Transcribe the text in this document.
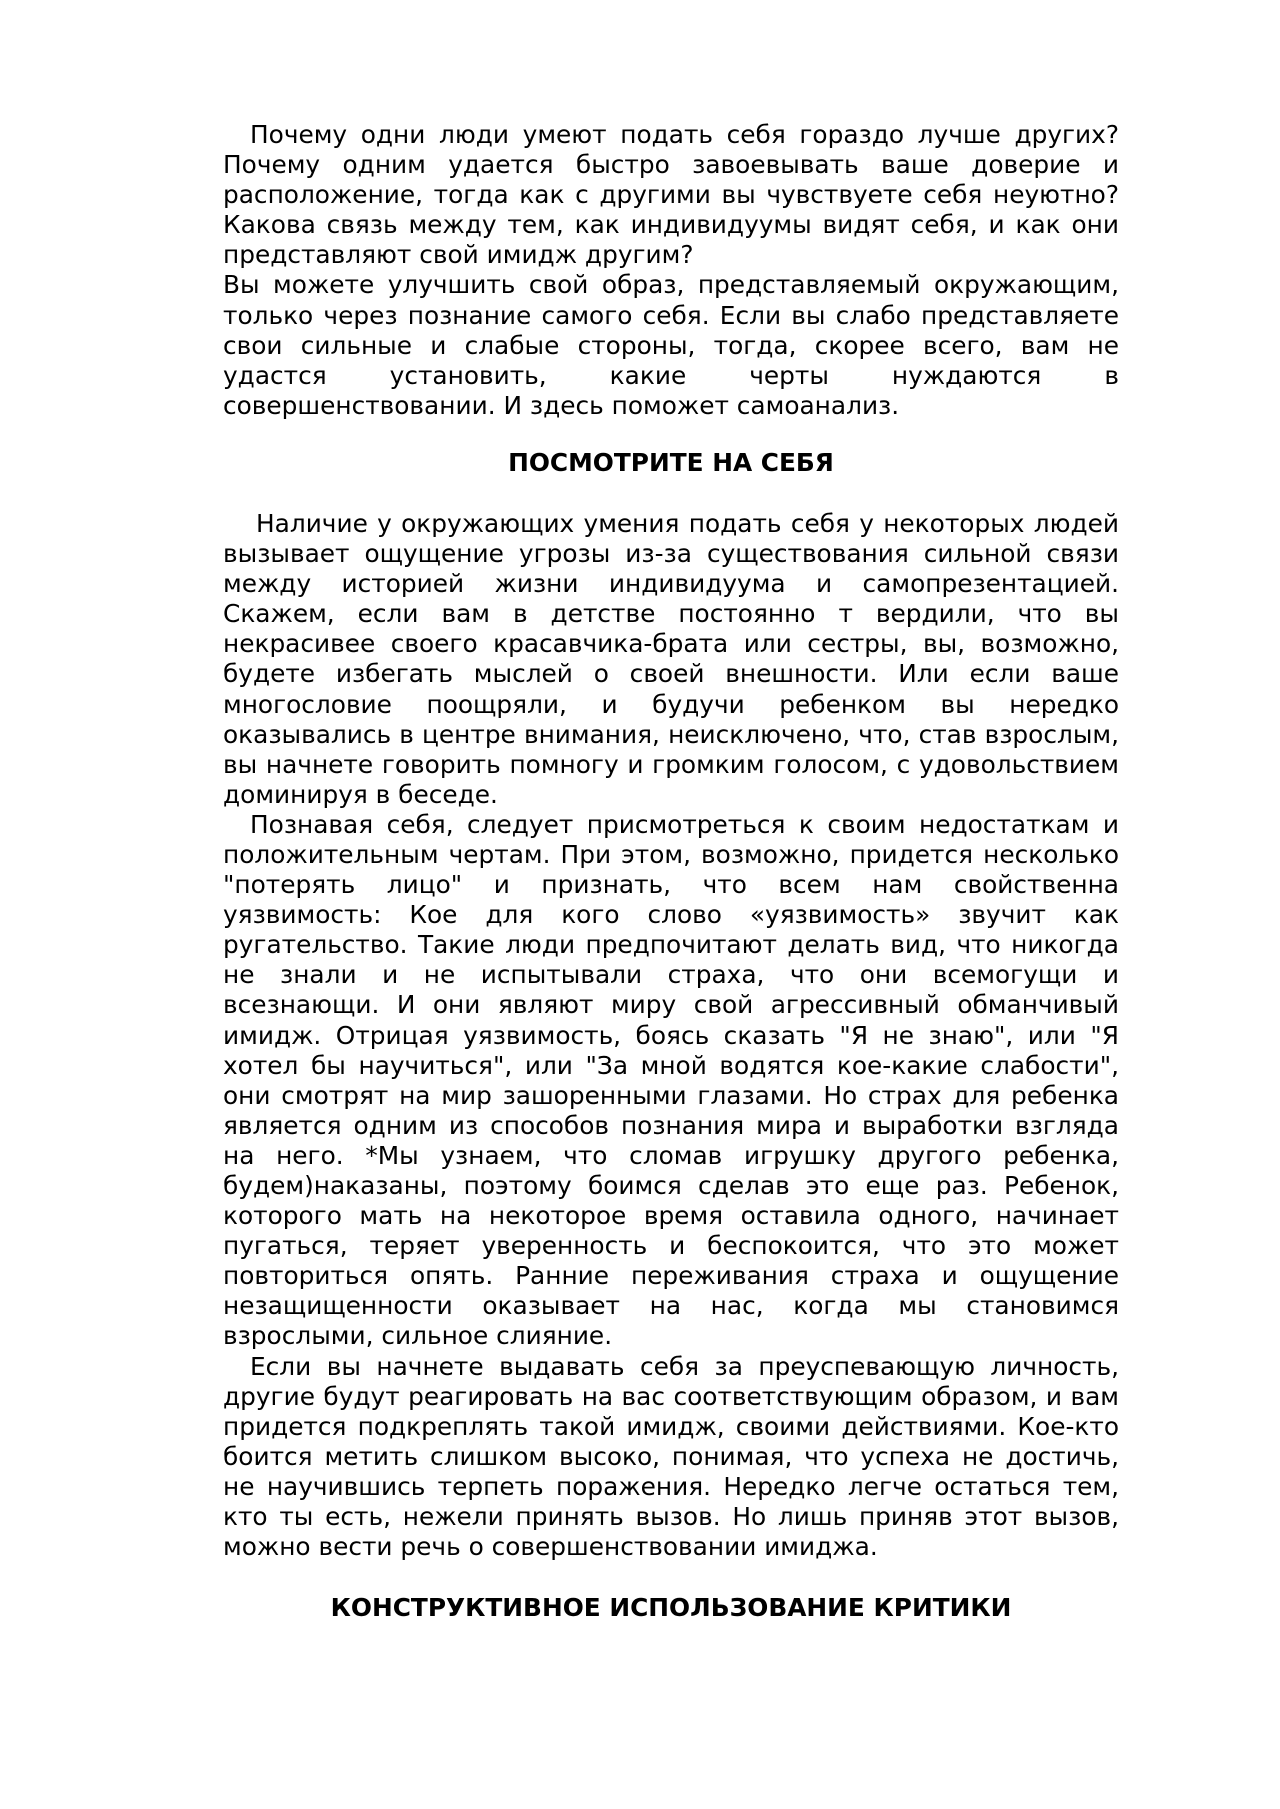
Почему одни люди умеют подать себя гораздо лучше других? Почему одним удается быстро завоевывать ваше доверие и расположение, тогда как с другими вы чувствуете себя неуютно? Какова связь между тем, как индивидуумы видят себя, и как они представляют свой имидж другим?

Вы можете улучшить свой образ, представляемый окружающим, только через познание самого себя. Если вы слабо представляете свои сильные и слабые стороны, тогда, скорее всего, вам не удастся установить, какие черты нуждаются в совершенствовании. И здесь поможет самоанализ.

ПОСМОТРИТЕ НА СЕБЯ

Наличие у окружающих умения подать себя у некоторых людей вызывает ощущение угрозы из-за существования сильной связи между историей жизни индивидуума и самопрезентацией. Скажем, если вам в детстве постоянно т вердили, что вы некрасивее своего красавчика-брата или сестры, вы, возможно, будете избегать мыслей о своей внешности. Или если ваше многословие поощряли, и будучи ребенком вы нередко оказывались в центре внимания, неисключено, что, став взрослым, вы начнете говорить помногу и громким голосом, с удовольствием доминируя в беседе.

Познавая себя, следует присмотреться к своим недостаткам и положительным чертам. При этом, возможно, придется несколько "потерять лицо" и признать, что всем нам свойственна уязвимость: Кое для кого слово «уязвимость» звучит как ругательство. Такие люди предпочитают делать вид, что никогда не знали и не испытывали страха, что они всемогущи и всезнающи. И они являют миру свой агрессивный обманчивый имидж. Отрицая уязвимость, боясь сказать "Я не знаю", или "Я хотел бы научиться", или "За мной водятся кое-какие слабости", они смотрят на мир зашоренными глазами. Но страх для ребенка является одним из способов познания мира и выработки взгляда на него. *Мы узнаем, что сломав игрушку другого ребенка, будем)наказаны, поэтому боимся сделав это еще раз. Ребенок, которого мать на некоторое время оставила одного, начинает пугаться, теряет уверенность и беспокоится, что это может повториться опять. Ранние переживания страха и ощущение незащищенности оказывает на нас, когда мы становимся взрослыми, сильное слияние.

Если вы начнете выдавать себя за преуспевающую личность, другие будут реагировать на вас соответствующим образом, и вам придется подкреплять такой имидж, своими действиями. Кое-кто боится метить слишком высоко, понимая, что успеха не достичь, не научившись терпеть поражения. Нередко легче остаться тем, кто ты есть, нежели принять вызов. Но лишь приняв этот вызов, можно вести речь о совершенствовании имиджа.

КОНСТРУКТИВНОЕ ИСПОЛЬЗОВАНИЕ КРИТИКИ
